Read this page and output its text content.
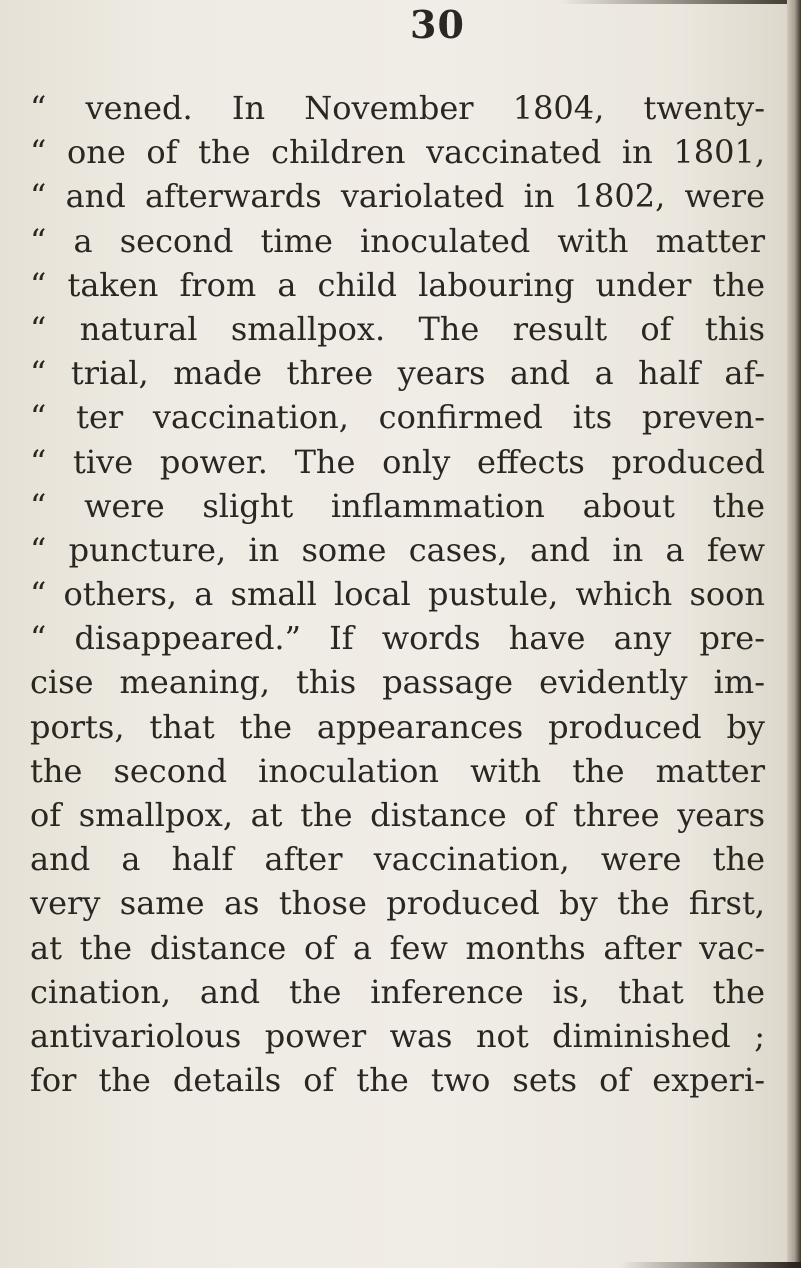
30
“ vened. In November 1804, twenty-
“ one of the children vaccinated in 1801,
“ and afterwards variolated in 1802, were
“ a second time inoculated with matter
“ taken from a child labouring under the
“ natural smallpox. The result of this
“ trial, made three years and a half af-
“ ter vaccination, confirmed its preven-
“ tive power. The only effects produced
“ were slight inflammation about the
“ puncture, in some cases, and in a few
“ others, a small local pustule, which soon
“ disappeared.” If words have any pre-
cise meaning, this passage evidently im-
ports, that the appearances produced by
the second inoculation with the matter
of smallpox, at the distance of three years
and a half after vaccination, were the
very same as those produced by the first,
at the distance of a few months after vac-
cination, and the inference is, that the
antivariolous power was not diminished ;
for the details of the two sets of experi-
